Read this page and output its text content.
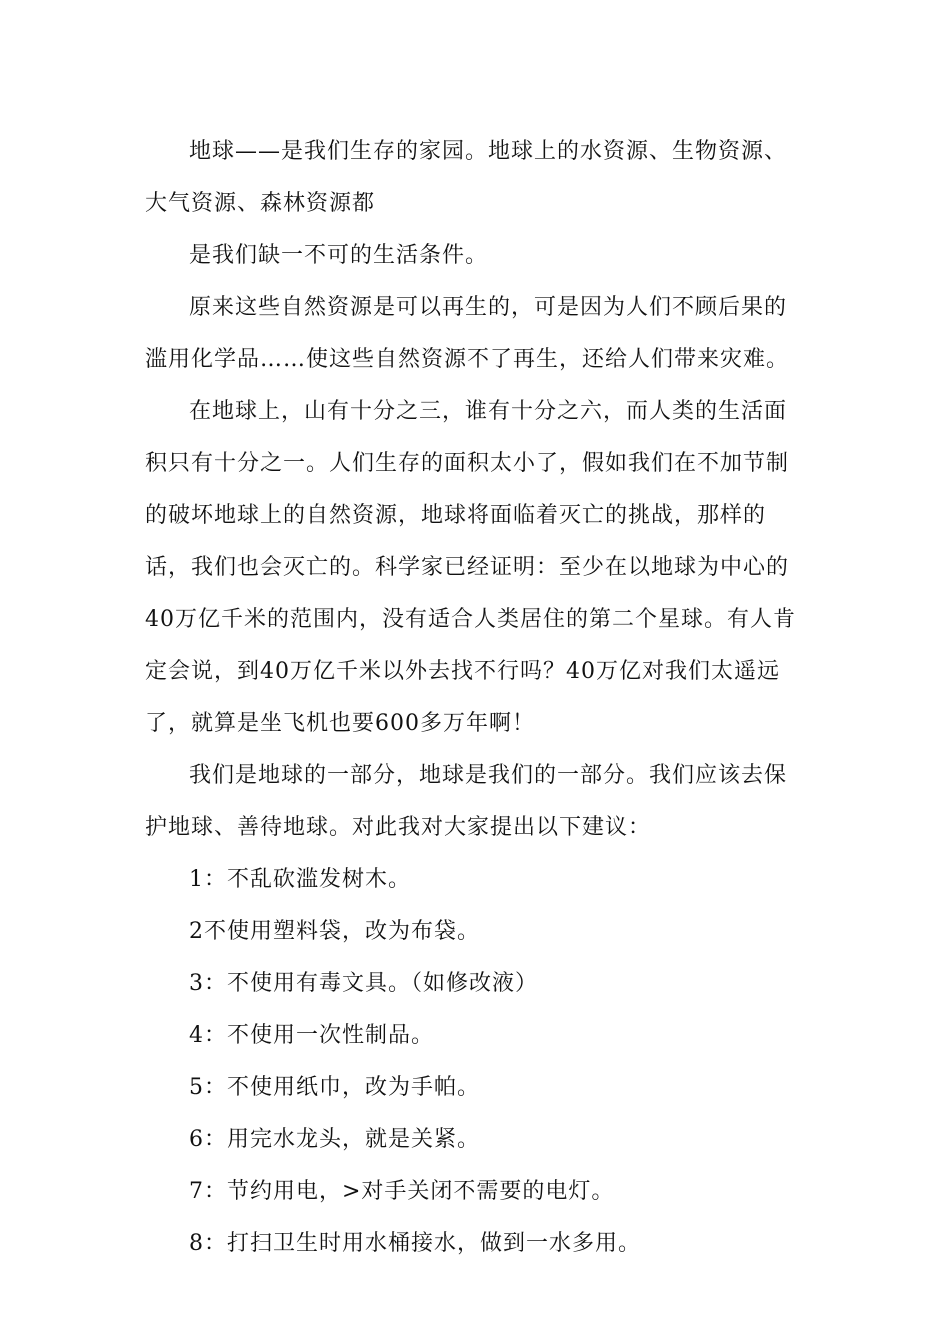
地球——是我们生存的家园。地球上的水资源、生物资源、大气资源、森林资源都

是我们缺一不可的生活条件。

原来这些自然资源是可以再生的，可是因为人们不顾后果的滥用化学品……使这些自然资源不了再生，还给人们带来灾难。

在地球上，山有十分之三，谁有十分之六，而人类的生活面积只有十分之一。人们生存的面积太小了，假如我们在不加节制的破坏地球上的自然资源，地球将面临着灭亡的挑战，那样的话，我们也会灭亡的。科学家已经证明：至少在以地球为中心的40万亿千米的范围内，没有适合人类居住的第二个星球。有人肯定会说，到40万亿千米以外去找不行吗？40万亿对我们太遥远了，就算是坐飞机也要600多万年啊！

我们是地球的一部分，地球是我们的一部分。我们应该去保护地球、善待地球。对此我对大家提出以下建议：

1：不乱砍滥发树木。

2不使用塑料袋，改为布袋。

3：不使用有毒文具。（如修改液）

4：不使用一次性制品。

5：不使用纸巾，改为手帕。

6：用完水龙头，就是关紧。

7：节约用电，>对手关闭不需要的电灯。

8：打扫卫生时用水桶接水，做到一水多用。
